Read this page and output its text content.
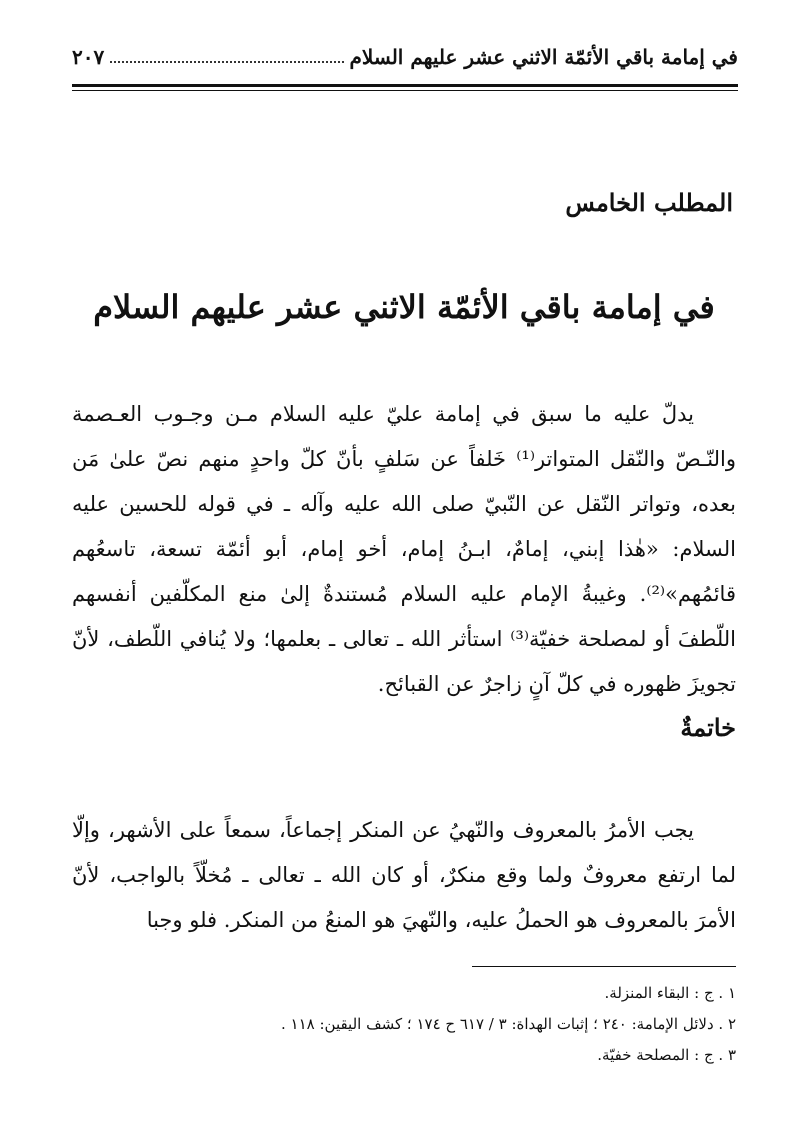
في إمامة باقي الأئمّة الاثني عشر عليهم السلام
٢٠٧
المطلب الخامس
في إمامة باقي الأئمّة الاثني عشر عليهم السلام

يدلّ عليه ما سبق في إمامة عليّ عليه السلام مـن وجـوب العـصمة والنّـصّ والنّقل المتواتر⁽¹⁾ خَلفاً عن سَلفٍ بأنّ كلّ واحدٍ منهم نصّ علىٰ مَن بعده، وتواتر النّقل عن النّبيّ صلى الله عليه وآله ـ في قوله للحسين عليه السلام: «هٰذا إبني، إمامٌ، ابـنُ إمام، أخو إمام، أبو أئمّة تسعة، تاسعُهم قائمُهم»⁽²⁾. وغيبةُ الإمام عليه السلام مُستندةٌ إلىٰ منع المكلّفين أنفسهم اللّطفَ أو لمصلحة خفيّة⁽³⁾ استأثر الله ـ تعالى ـ بعلمها؛ ولا يُنافي اللّطف، لأنّ تجويزَ ظهوره في كلّ آنٍ زاجرٌ عن القبائح.

خاتمةٌ

يجب الأمرُ بالمعروف والنّهيُ عن المنكر إجماعاً، سمعاً على الأشهر، وإلّا لما ارتفع معروفٌ ولما وقع منكرٌ، أو كان الله ـ تعالى ـ مُخلّاً بالواجب، لأنّ الأمرَ بالمعروف هو الحملُ عليه، والنّهيَ هو المنعُ من المنكر. فلو وجبا

١ . ج : البقاء المنزلة.
٢ . دلائل الإمامة: ٢٤٠ ؛ إثبات الهداة: ٣ / ٦١٧ ح ١٧٤ ؛ كشف اليقين: ١١٨ .
٣ . ج : المصلحة خفيّة.
